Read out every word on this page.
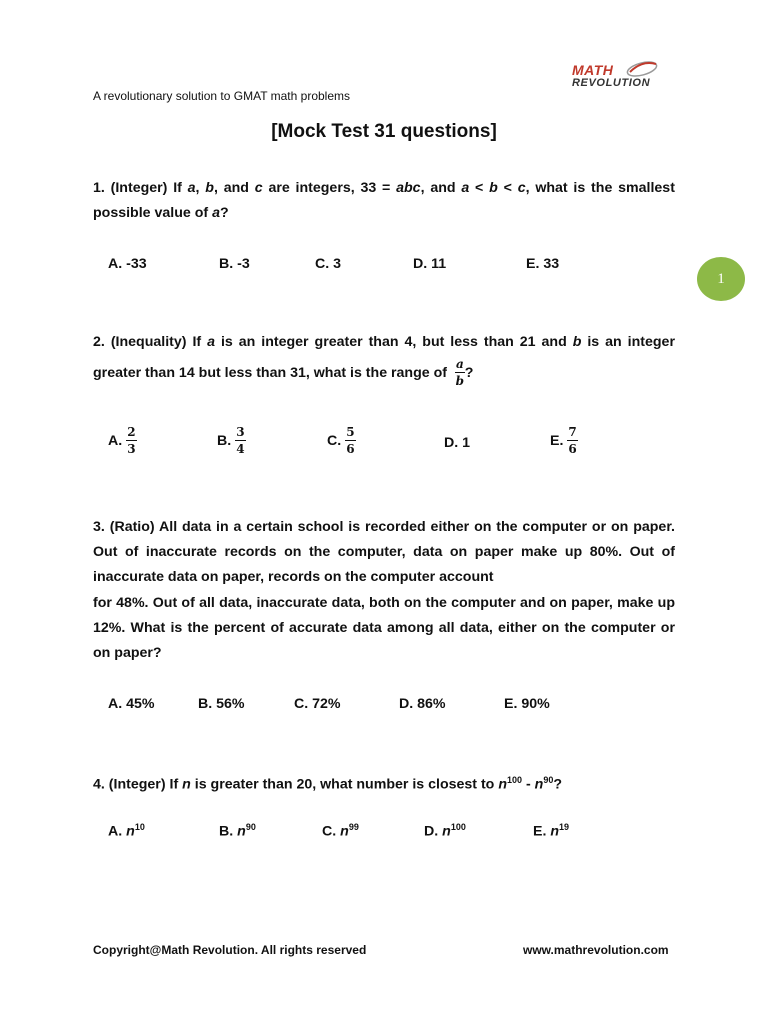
A revolutionary solution to GMAT math problems
MATH
REVOLUTION
[Mock Test 31 questions]
1
1. (Integer) If a, b, and c are integers, 33 = abc, and a < b < c, what is the smallest possible value of a?
A. -33	B. -3	C. 3	D. 11	E. 33
2. (Inequality) If a is an integer greater than 4, but less than 21 and b is an integer greater than 14 but less than 31, what is the range of $\frac{a}{b}$ ?
A. $\frac{2}{3}$	B. $\frac{3}{4}$	C. $\frac{5}{6}$	D. 1	E. $\frac{7}{6}$
3. (Ratio) All data in a certain school is recorded either on the computer or on paper. Out of inaccurate records on the computer, data on paper make up 80%. Out of inaccurate data on paper, records on the computer account
for 48%. Out of all data, inaccurate data, both on the computer and on paper, make up 12%. What is the percent of accurate data among all data, either on the computer or on paper?
A. 45%	B. 56%	C. 72%	D. 86%	E. 90%
4. (Integer) If n is greater than 20, what number is closest to $n^{100} - n^{90}$?
A. $n^{10}$	B. $n^{90}$	C. $n^{99}$	D. $n^{100}$	E. $n^{19}$
Copyright@Math Revolution. All rights reserved	www.mathrevolution.com
